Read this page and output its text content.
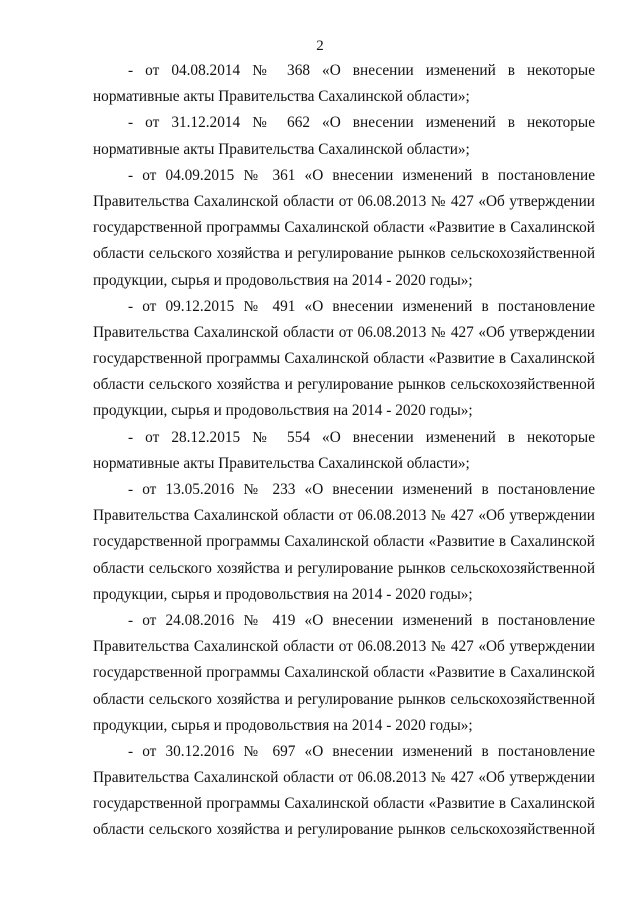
2
- от 04.08.2014 № 368 «О внесении изменений в некоторые
нормативные акты Правительства Сахалинской области»;
- от 31.12.2014 № 662 «О внесении изменений в некоторые
нормативные акты Правительства Сахалинской области»;
- от 04.09.2015 № 361 «О внесении изменений в постановление
Правительства Сахалинской области от 06.08.2013 № 427 «Об утверждении
государственной программы Сахалинской области «Развитие в Сахалинской
области сельского хозяйства и регулирование рынков сельскохозяйственной
продукции, сырья и продовольствия на 2014 - 2020 годы»;
- от 09.12.2015 № 491 «О внесении изменений в постановление
Правительства Сахалинской области от 06.08.2013 № 427 «Об утверждении
государственной программы Сахалинской области «Развитие в Сахалинской
области сельского хозяйства и регулирование рынков сельскохозяйственной
продукции, сырья и продовольствия на 2014 - 2020 годы»;
- от 28.12.2015 № 554 «О внесении изменений в некоторые
нормативные акты Правительства Сахалинской области»;
- от 13.05.2016 № 233 «О внесении изменений в постановление
Правительства Сахалинской области от 06.08.2013 № 427 «Об утверждении
государственной программы Сахалинской области «Развитие в Сахалинской
области сельского хозяйства и регулирование рынков сельскохозяйственной
продукции, сырья и продовольствия на 2014 - 2020 годы»;
- от 24.08.2016 № 419 «О внесении изменений в постановление
Правительства Сахалинской области от 06.08.2013 № 427 «Об утверждении
государственной программы Сахалинской области «Развитие в Сахалинской
области сельского хозяйства и регулирование рынков сельскохозяйственной
продукции, сырья и продовольствия на 2014 - 2020 годы»;
- от 30.12.2016 № 697 «О внесении изменений в постановление
Правительства Сахалинской области от 06.08.2013 № 427 «Об утверждении
государственной программы Сахалинской области «Развитие в Сахалинской
области сельского хозяйства и регулирование рынков сельскохозяйственной
